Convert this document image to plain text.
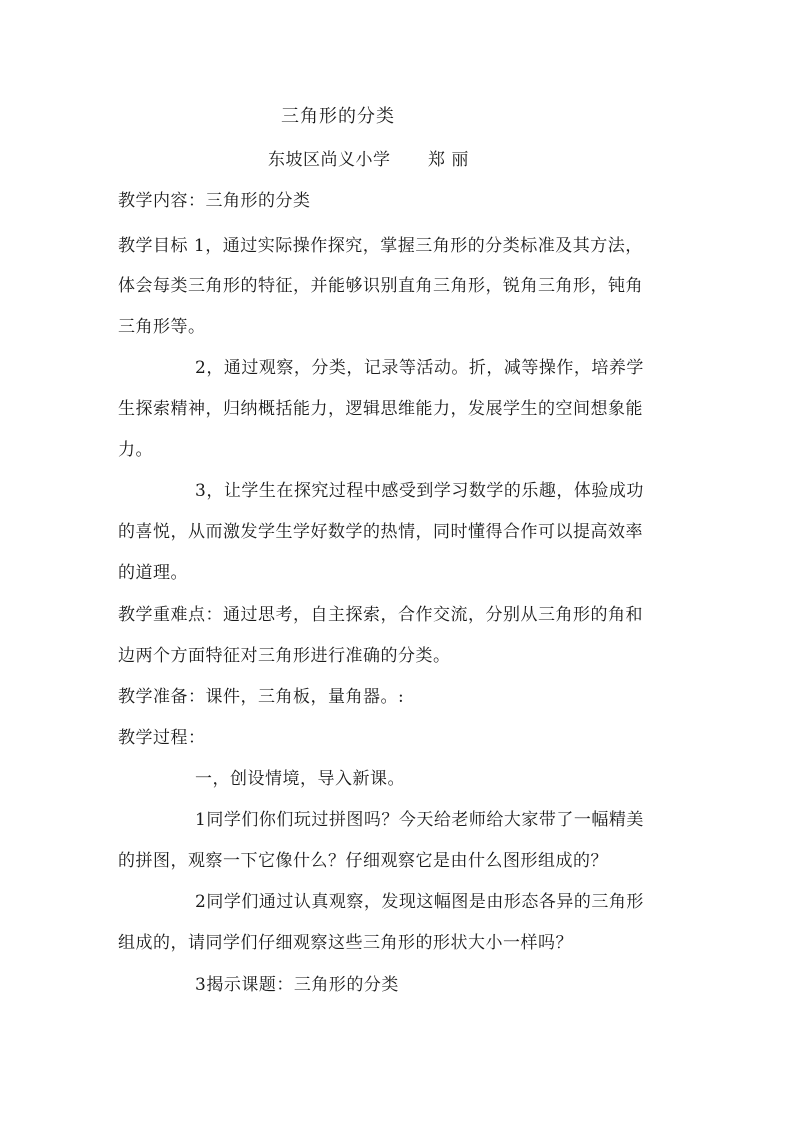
三角形的分类
东坡区尚义小学 郑 丽
教学内容：三角形的分类
教学目标 1，通过实际操作探究，掌握三角形的分类标准及其方法，
体会每类三角形的特征，并能够识别直角三角形，锐角三角形，钝角
三角形等。
2，通过观察，分类，记录等活动。折，减等操作，培养学
生探索精神，归纳概括能力，逻辑思维能力，发展学生的空间想象能
力。
3，让学生在探究过程中感受到学习数学的乐趣，体验成功
的喜悦，从而激发学生学好数学的热情，同时懂得合作可以提高效率
的道理。
教学重难点：通过思考，自主探索，合作交流，分别从三角形的角和
边两个方面特征对三角形进行准确的分类。
教学准备：课件，三角板，量角器。:
教学过程：
一，创设情境，导入新课。
1同学们你们玩过拼图吗？今天给老师给大家带了一幅精美
的拼图，观察一下它像什么？仔细观察它是由什么图形组成的？
2同学们通过认真观察，发现这幅图是由形态各异的三角形
组成的，请同学们仔细观察这些三角形的形状大小一样吗？
3揭示课题：三角形的分类
